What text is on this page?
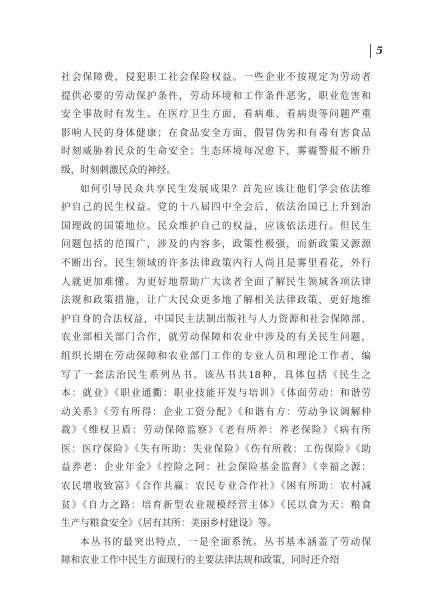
5
社会保障费，侵犯职工社会保险权益。一些企业不按规定为劳动者
提供必要的劳动保护条件，劳动环境和工作条件恶劣，职业危害和
安全事故时有发生。在医疗卫生方面，看病难、看病贵等问题严重
影响人民的身体健康；在食品安全方面，假冒伪劣和有毒有害食品
时刻威胁着民众的生命安全；生态环境每况愈下，雾霾警报不断升
级，时刻刺激民众的神经。
如何引导民众共享民生发展成果？首先应该让他们学会依法维
护自己的民生权益。党的十八届四中全会后，依法治国已上升到治
国理政的国策地位。民众维护自己的权益，应该依法进行。但民生
问题包括的范围广，涉及的内容多，政策性极强，而新政策又源源
不断出台。民生领域的许多法律政策内行人尚且是雾里看花，外行
人就更加难懂。为更好地帮助广大读者全面了解民生领域各项法律
法规和政策措施，让广大民众更多地了解相关法律政策，更好地维
护自身的合法权益，中国民主法制出版社与人力资源和社会保障部、
农业部相关部门合作，就劳动保障和农业中涉及的有关民生问题，
组织长期在劳动保障和农业部门工作的专业人员和理论工作者，编
写了一套法治民生系列丛书。该丛书共18种，具体包括《民生之
本：就业》《职业通衢：职业技能开发与培训》《体面劳动：和谐劳
动关系》《劳有所得：企业工资分配》《和谐有方：劳动争议调解仲
裁》《维权卫盾：劳动保障监察》《老有所养：养老保险》《病有所
医：医疗保险》《失有所助：失业保险》《伤有所救：工伤保险》《助
益养老：企业年金》《控险之阿：社会保险基金监督》《幸福之源：
农民增收致富》《合作共赢：农民专业合作社》《困有所助：农村减
贫》《自力之路：培育新型农业规模经营主体》《民以食为天：粮食
生产与粮食安全》《居有其所：美丽乡村建设》等。
本丛书的最突出特点，一是全面系统。丛书基本涵盖了劳动保
障和农业工作中民生方面现行的主要法律法规和政策，同时还介绍
